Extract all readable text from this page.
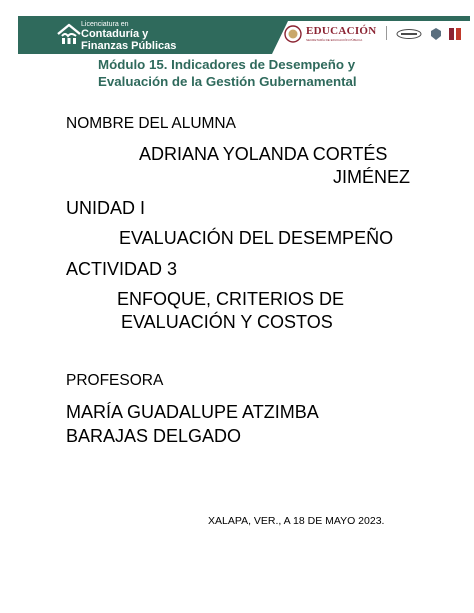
Licenciatura en
Contaduría y
Finanzas Públicas
EDUCACIÓN
SECRETARÍA DE EDUCACIÓN PÚBLICA
Módulo 15. Indicadores de Desempeño y
Evaluación de la Gestión Gubernamental

NOMBRE DEL ALUMNA

ADRIANA YOLANDA CORTÉS

JIMÉNEZ

UNIDAD I

EVALUACIÓN DEL DESEMPEÑO

ACTIVIDAD 3

ENFOQUE, CRITERIOS DE

EVALUACIÓN Y COSTOS

PROFESORA

MARÍA GUADALUPE ATZIMBA

BARAJAS DELGADO

XALAPA, VER., A 18 DE MAYO 2023.
